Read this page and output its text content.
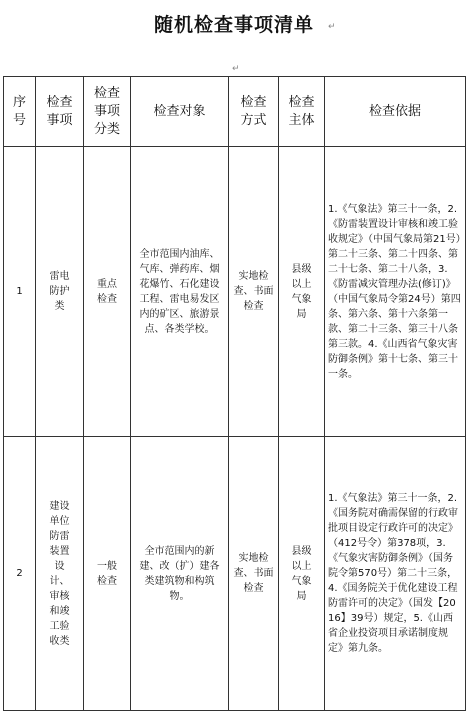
随机检查事项清单	↵
↵
序号	检查事项	检查事项分类	检查对象	检查方式	检查主体	检查依据

1	雷电防护类	重点检查	全市范围内油库、气库、弹药库、烟花爆竹、石化建设工程、雷电易发区内的矿区、旅游景点、各类学校。	实地检查、书面检查	县级以上气象局	1.《气象法》第三十一条，2.《防雷装置设计审核和竣工验收规定》（中国气象局第21号）第二十三条、第二十四条、第二十七条、第二十八条，3.《防雷减灾管理办法(修订)》（中国气象局令第24号）第四条、第六条、第十六条第一款、第二十三条、第三十八条第三款。4.《山西省气象灾害防御条例》第十七条、第三十一条。

2	建设单位防雷装置设计、审核和竣工验收类	一般检查	全市范围内的新建、改（扩）建各类建筑物和构筑物。	实地检查、书面检查	县级以上气象局	1.《气象法》第三十一条，2.《国务院对确需保留的行政审批项目设定行政许可的决定》（412号令）第378项，3.《气象灾害防御条例》（国务院令第570号）第二十三条，4.《国务院关于优化建设工程防雷许可的决定》（国发【2016】39号）规定，5.《山西省企业投资项目承诺制度规定》第九条。
